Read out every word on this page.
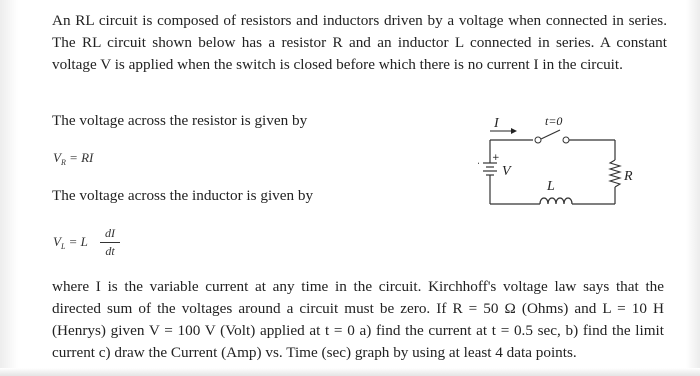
An RL circuit is composed of resistors and inductors driven by a voltage when connected in series. The RL circuit shown below has a resistor R and an inductor L connected in series. A constant voltage V is applied when the switch is closed before which there is no current I in the circuit.

The voltage across the resistor is given by

$V_R$ = RI

The voltage across the inductor is given by

$V_L = L$
dI
dt
I	t=0
+
V	R
L

where I is the variable current at any time in the circuit. Kirchhoff's voltage law says that the directed sum of the voltages around a circuit must be zero. If R = 50 Ω (Ohms) and L = 10 H (Henrys) given V = 100 V (Volt) applied at t = 0 a) find the current at t = 0.5 sec, b) find the limit current c) draw the Current (Amp) vs. Time (sec) graph by using at least 4 data points.
